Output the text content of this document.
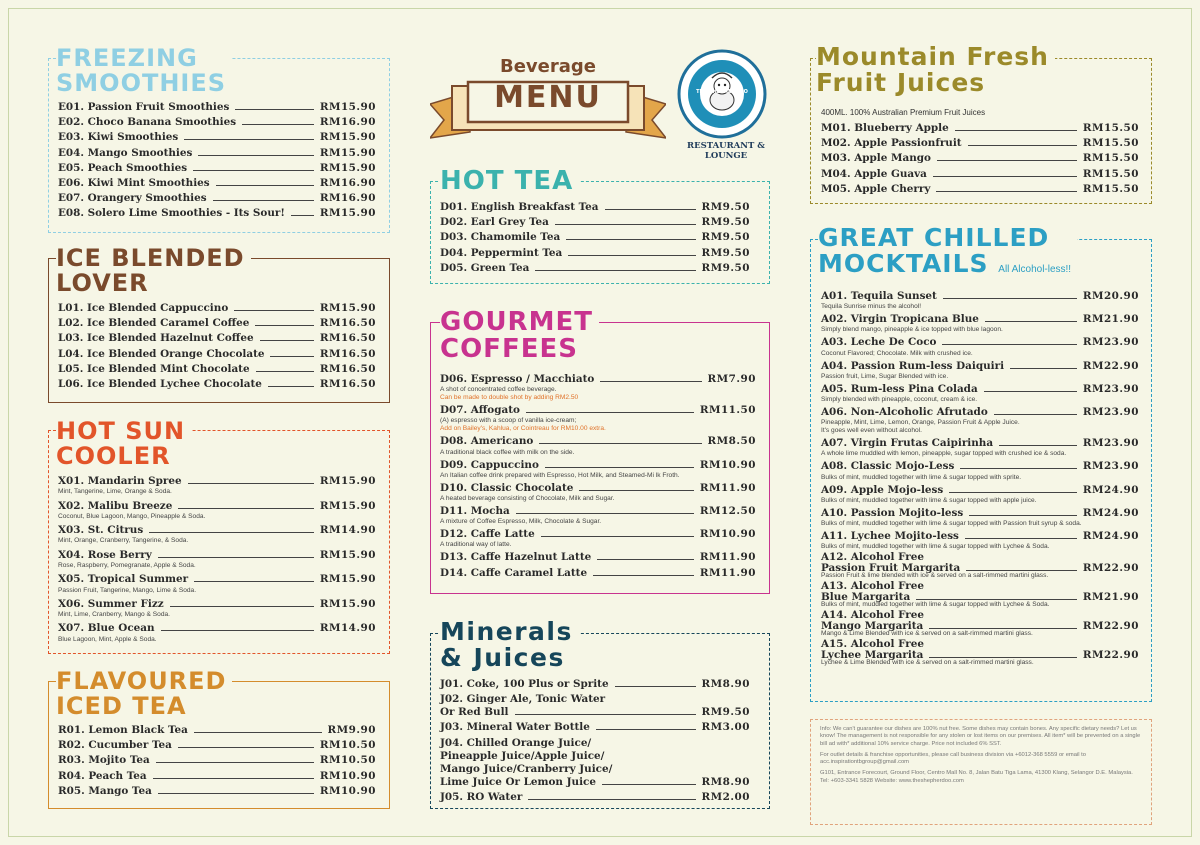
FREEZING
SMOOTHIES
E01. Passion Fruit Smoothies	RM15.90
E02. Choco Banana Smoothies	RM16.90
E03. Kiwi Smoothies	RM15.90
E04. Mango Smoothies	RM15.90
E05. Peach Smoothies	RM15.90
E06. Kiwi Mint Smoothies	RM16.90
E07. Orangery Smoothies	RM16.90
E08. Solero Lime Smoothies - Its Sour!	RM15.90
ICE BLENDED
LOVER
L01. Ice Blended Cappuccino	RM15.90
L02. Ice Blended Caramel Coffee	RM16.50
L03. Ice Blended Hazelnut Coffee	RM16.50
L04. Ice Blended Orange Chocolate	RM16.50
L05. Ice Blended Mint Chocolate	RM16.50
L06. Ice Blended Lychee Chocolate	RM16.50
HOT SUN
COOLER
X01. Mandarin Spree	RM15.90
Mint, Tangerine, Lime, Orange & Soda.
X02. Malibu Breeze	RM15.90
Coconut, Blue Lagoon, Mango, Pineapple & Soda.
X03. St. Citrus	RM14.90
Mint, Orange, Cranberry, Tangerine, & Soda.
X04. Rose Berry	RM15.90
Rose, Raspberry, Pomegranate, Apple & Soda.
X05. Tropical Summer	RM15.90
Passion Fruit, Tangerine, Mango, Lime & Soda.
X06. Summer Fizz	RM15.90
Mint, Lime, Cranberry, Mango & Soda.
X07. Blue Ocean	RM14.90
Blue Lagoon, Mint, Apple & Soda.
FLAVOURED
ICED TEA
R01. Lemon Black Tea	RM9.90
R02. Cucumber Tea	RM10.50
R03. Mojito Tea	RM10.50
R04. Peach Tea	RM10.90
R05. Mango Tea	RM10.90
Beverage
MENU	THE SHEPHERDOO
RESTAURANT & LOUNGE
HOT TEA
D01. English Breakfast Tea	RM9.50
D02. Earl Grey Tea	RM9.50
D03. Chamomile Tea	RM9.50
D04. Peppermint Tea	RM9.50
D05. Green Tea	RM9.50
GOURMET
COFFEES
D06. Espresso / Macchiato	RM7.90
A shot of concentrated coffee beverage.
Can be made to double shot by adding RM2.50
D07. Affogato	RM11.50
(A) espresso with a scoop of vanilla ice-cream;
Add on Bailey's, Kahlua, or Cointreau for RM10.00 extra.
D08. Americano	RM8.50
A traditional black coffee with milk on the side.
D09. Cappuccino	RM10.90
An Italian coffee drink prepared with Espresso, Hot Milk, and Steamed-Mi lk Froth.
D10. Classic Chocolate	RM11.90
A heated beverage consisting of Chocolate, Milk and Sugar.
D11. Mocha	RM12.50
A mixture of Coffee Espresso, Milk, Chocolate & Sugar.
D12. Caffe Latte	RM10.90
A traditional way of latte.
D13. Caffe Hazelnut Latte	RM11.90
D14. Caffe Caramel Latte	RM11.90
Minerals
& Juices
J01. Coke, 100 Plus or Sprite	RM8.90
J02. Ginger Ale, Tonic Water
Or Red Bull	RM9.50
J03. Mineral Water Bottle	RM3.00
J04. Chilled Orange Juice/
Pineapple Juice/Apple Juice/
Mango Juice/Cranberry Juice/
Lime Juice Or Lemon Juice	RM8.90
J05. RO Water	RM2.00
Mountain Fresh
Fruit Juices
400ML. 100% Australian Premium Fruit Juices
M01. Blueberry Apple	RM15.50
M02. Apple Passionfruit	RM15.50
M03. Apple Mango	RM15.50
M04. Apple Guava	RM15.50
M05. Apple Cherry	RM15.50
GREAT CHILLED
MOCKTAILS All Alcohol-less!!
A01. Tequila Sunset	RM20.90
Tequila Sunrise minus the alcohol!
A02. Virgin Tropicana Blue	RM21.90
Simply blend mango, pineapple & ice topped with blue lagoon.
A03. Leche De Coco	RM23.90
Coconut Flavored; Chocolate. Milk with crushed ice.
A04. Passion Rum-less Daiquiri	RM22.90
Passion fruit, Lime, Sugar Blended with ice.
A05. Rum-less Pina Colada	RM23.90
Simply blended with pineapple, coconut, cream & ice.
A06. Non-Alcoholic Afrutado	RM23.90
Pineapple, Mint, Lime, Lemon, Orange, Passion Fruit & Apple Juice.
It's goes well even without alcohol.
A07. Virgin Frutas Caipirinha	RM23.90
A whole lime muddled with lemon, pineapple, sugar topped with crushed ice & soda.
A08. Classic Mojo-Less	RM23.90
Bulks of mint, muddled together with lime & sugar topped with sprite.
A09. Apple Mojo-less	RM24.90
Bulks of mint, muddled together with lime & sugar topped with apple juice.
A10. Passion Mojito-less	RM24.90
Bulks of mint, muddled together with lime & sugar topped with Passion fruit syrup & soda.
A11. Lychee Mojito-less	RM24.90
Bulks of mint, muddled together with lime & sugar topped with Lychee & Soda.
A12. Alcohol Free
Passion Fruit Margarita	RM22.90
Passion Fruit & lime blended with ice & served on a salt-rimmed martini glass.
A13. Alcohol Free
Blue Margarita	RM21.90
Bulks of mint, muddled together with lime & sugar topped with Lychee & Soda.
A14. Alcohol Free
Mango Margarita	RM22.90
Mango & Lime Blended with ice & served on a salt-rimmed martini glass.
A15. Alcohol Free
Lychee Margarita	RM22.90
Lychee & Lime Blended with ice & served on a salt-rimmed martini glass.

Info: We can't guarantee our dishes are 100% nut free. Some dishes may contain bones. Any specific dietary needs? Let us know! The management is not responsible for any stolen or lost items on our premises. All item* will be prevented on a single bill ad with* additional 10% service charge. Price not included 6% SST.

For outlet details & franchise opportunities, please call business division via +6012-368 5559 or email to acc.inspirationtbgroup@gmail.com

G101, Entrance Forecourt, Ground Floor, Centro Mall No. 8, Jalan Batu Tiga Lama, 41300 Klang, Selangor D.E. Malaysia. Tel: +603-3341 5828 Website: www.theshepherdoo.com
